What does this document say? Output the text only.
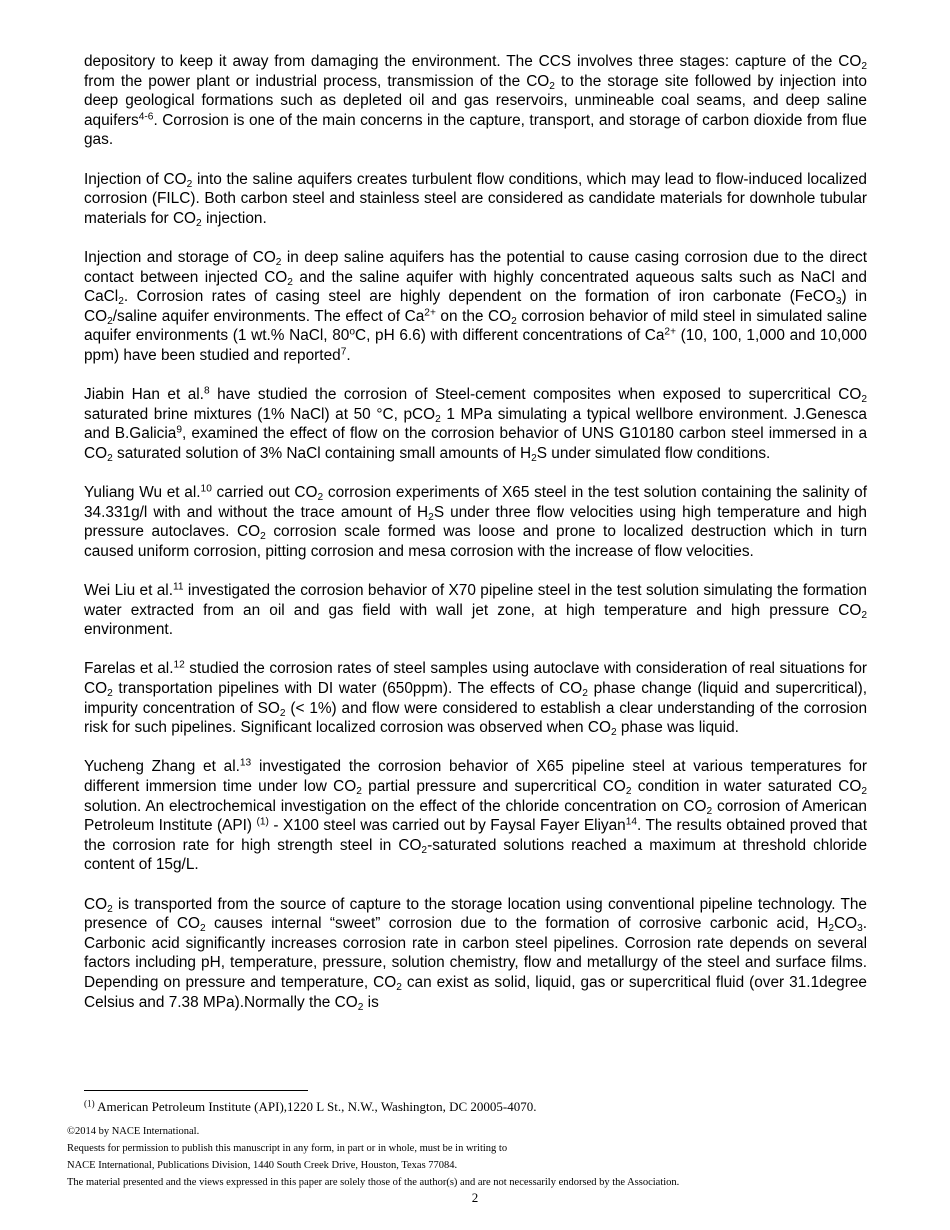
depository to keep it away from damaging the environment. The CCS involves three stages: capture of the $CO_2$ from the power plant or industrial process, transmission of the $CO_2$ to the storage site followed by injection into deep geological formations such as depleted oil and gas reservoirs, unmineable coal seams, and deep saline aquifers$^{4-6}$. Corrosion is one of the main concerns in the capture, transport, and storage of carbon dioxide from flue gas.

Injection of $CO_2$ into the saline aquifers creates turbulent flow conditions, which may lead to flow-induced localized corrosion (FILC). Both carbon steel and stainless steel are considered as candidate materials for downhole tubular materials for $CO_2$ injection.

Injection and storage of $CO_2$ in deep saline aquifers has the potential to cause casing corrosion due to the direct contact between injected $CO_2$ and the saline aquifer with highly concentrated aqueous salts such as NaCl and CaCl$_2$. Corrosion rates of casing steel are highly dependent on the formation of iron carbonate (FeCO$_3$) in $CO_2$/saline aquifer environments. The effect of $Ca^{2+}$ on the $CO_2$ corrosion behavior of mild steel in simulated saline aquifer environments (1 wt.% NaCl, 80$^o$C, pH 6.6) with different concentrations of $Ca^{2+}$ (10, 100, 1,000 and 10,000 ppm) have been studied and reported$^7$.

Jiabin Han et al.$^8$ have studied the corrosion of Steel-cement composites when exposed to supercritical $CO_2$ saturated brine mixtures (1% NaCl) at 50 °C, pCO$_2$ 1 MPa simulating a typical wellbore environment. J.Genesca and B.Galicia$^9$, examined the effect of flow on the corrosion behavior of UNS G10180 carbon steel immersed in a $CO_2$ saturated solution of 3% NaCl containing small amounts of $H_2S$ under simulated flow conditions.

Yuliang Wu et al.$^{10}$ carried out $CO_2$ corrosion experiments of X65 steel in the test solution containing the salinity of 34.331g/l with and without the trace amount of $H_2S$ under three flow velocities using high temperature and high pressure autoclaves. $CO_2$ corrosion scale formed was loose and prone to localized destruction which in turn caused uniform corrosion, pitting corrosion and mesa corrosion with the increase of flow velocities.

Wei Liu et al.$^{11}$ investigated the corrosion behavior of X70 pipeline steel in the test solution simulating the formation water extracted from an oil and gas field with wall jet zone, at high temperature and high pressure $CO_2$ environment.

Farelas et al.$^{12}$ studied the corrosion rates of steel samples using autoclave with consideration of real situations for $CO_2$ transportation pipelines with DI water (650ppm). The effects of $CO_2$ phase change (liquid and supercritical), impurity concentration of $SO_2$ (< 1%) and flow were considered to establish a clear understanding of the corrosion risk for such pipelines. Significant localized corrosion was observed when $CO_2$ phase was liquid.

Yucheng Zhang et al.$^{13}$ investigated the corrosion behavior of X65 pipeline steel at various temperatures for different immersion time under low $CO_2$ partial pressure and supercritical $CO_2$ condition in water saturated $CO_2$ solution. An electrochemical investigation on the effect of the chloride concentration on $CO_2$ corrosion of American Petroleum Institute (API) $^{(1)}$ - X100 steel was carried out by Faysal Fayer Eliyan$^{14}$. The results obtained proved that the corrosion rate for high strength steel in $CO_2$-saturated solutions reached a maximum at threshold chloride content of 15g/L.

$CO_2$ is transported from the source of capture to the storage location using conventional pipeline technology. The presence of $CO_2$ causes internal “sweet” corrosion due to the formation of corrosive carbonic acid, $H_2CO_3$. Carbonic acid significantly increases corrosion rate in carbon steel pipelines. Corrosion rate depends on several factors including pH, temperature, pressure, solution chemistry, flow and metallurgy of the steel and surface films. Depending on pressure and temperature, $CO_2$ can exist as solid, liquid, gas or supercritical fluid (over 31.1degree Celsius and 7.38 MPa).Normally the $CO_2$ is

$^{(1)}$ American Petroleum Institute (API),1220 L St., N.W., Washington, DC 20005-4070.
©2014 by NACE International.
Requests for permission to publish this manuscript in any form, in part or in whole, must be in writing to
NACE International, Publications Division, 1440 South Creek Drive, Houston, Texas 77084.
The material presented and the views expressed in this paper are solely those of the author(s) and are not necessarily endorsed by the Association.
2
